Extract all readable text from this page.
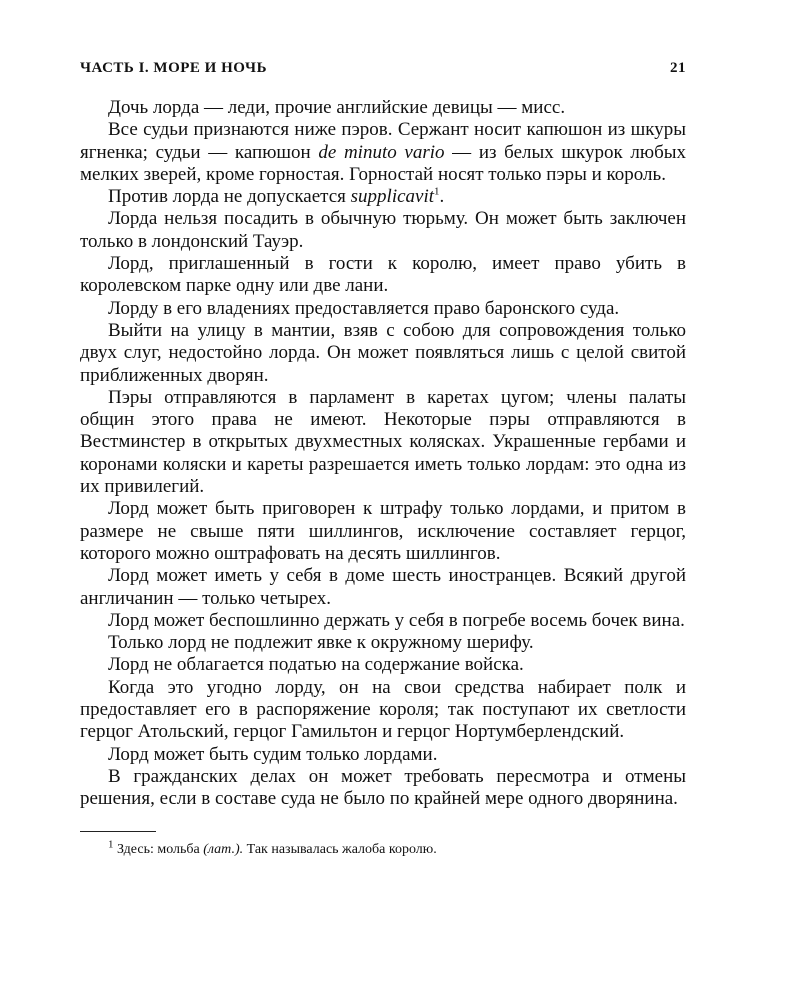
ЧАСТЬ I. МОРЕ И НОЧЬ	21

Дочь лорда — леди, прочие английские девицы — мисс.

Все судьи признаются ниже пэров. Сержант носит капюшон из шкуры ягненка; судьи — капюшон de minuto vario — из белых шкурок любых мелких зверей, кроме горностая. Горностай носят только пэры и король.

Против лорда не допускается supplicavit$^1$.

Лорда нельзя посадить в обычную тюрьму. Он может быть заключен только в лондонский Тауэр.

Лорд, приглашенный в гости к королю, имеет право убить в королевском парке одну или две лани.

Лорду в его владениях предоставляется право баронского суда.

Выйти на улицу в мантии, взяв с собою для сопровождения только двух слуг, недостойно лорда. Он может появляться лишь с целой свитой приближенных дворян.

Пэры отправляются в парламент в каретах цугом; члены палаты общин этого права не имеют. Некоторые пэры отправляются в Вестминстер в открытых двухместных колясках. Украшенные гербами и коронами коляски и кареты разрешается иметь только лордам: это одна из их привилегий.

Лорд может быть приговорен к штрафу только лордами, и притом в размере не свыше пяти шиллингов, исключение составляет герцог, которого можно оштрафовать на десять шиллингов.

Лорд может иметь у себя в доме шесть иностранцев. Всякий другой англичанин — только четырех.

Лорд может беспошлинно держать у себя в погребе восемь бочек вина.

Только лорд не подлежит явке к окружному шерифу.

Лорд не облагается податью на содержание войска.

Когда это угодно лорду, он на свои средства набирает полк и предоставляет его в распоряжение короля; так поступают их светлости герцог Атольский, герцог Гамильтон и герцог Нортумберлендский.

Лорд может быть судим только лордами.

В гражданских делах он может требовать пересмотра и отмены решения, если в составе суда не было по крайней мере одного дворянина.

$^1$ Здесь: мольба (лат.). Так называлась жалоба королю.
